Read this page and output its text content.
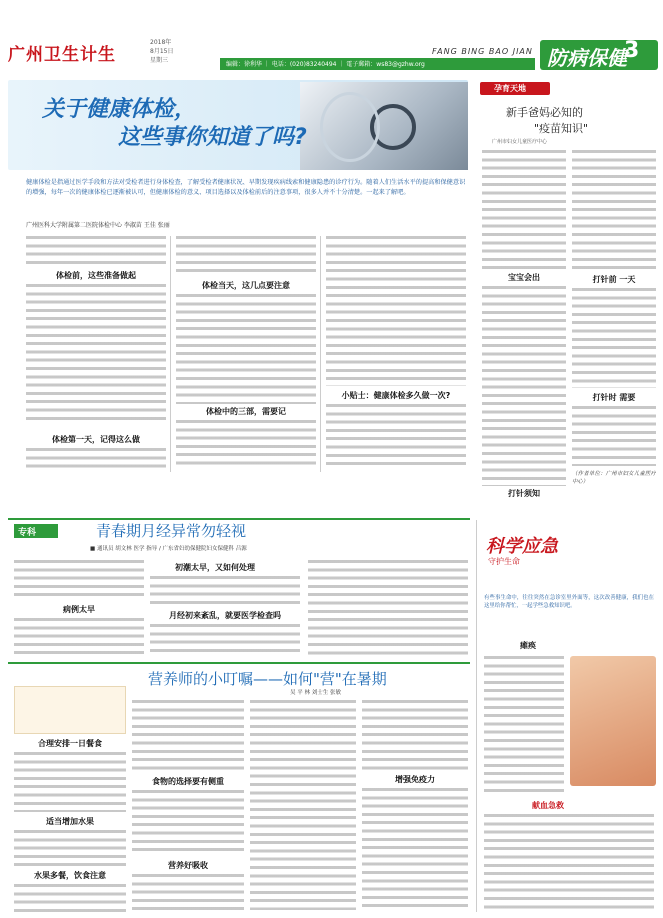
广州卫生计生
2018年
8月15日
星期三
FANG BING BAO JIAN 防病保健
3
编辑：徐利华 ｜ 电话：(020)83240494 ｜ 電子郵箱：ws83@gzhw.org
关于健康体检，
这些事你知道了吗?
健康体检是指通过医学手段和方法对受检者进行身体检查，了解受检者健康状况、早期发现疾病线索和健康隐患的诊疗行为。随着人们生活水平的提高和保健意识的增强，每年一次的健康体检已逐渐被认可，但健康体检的意义、项目选择以及体检前后的注意事项，很多人并不十分清楚。一起来了解吧。
广州医科大学附属第二医院体检中心 李淑苗 王佳 张丽
体检前，这些准备做起
体检第一天，记得这么做
体检当天，这几点要注意
体检中的三部，需要记
小贴士：健康体检多久做一次?
孕育天地
新手爸妈必知的
"疫苗知识"
广州市妇女儿童医疗中心
宝宝会出
打针须知
打针前 一天
打针时 需要
（作者单位：广州市妇女儿童医疗中心）
专科	青春期月经异常勿轻视
■ 通讯员 胡文林 医学 指导 / 广东省妇幼保健院妇女保健科 吕源
病例太早
初潮太早，又如何处理
月经初来紊乱，就要医学检查吗
营养师的小叮嘱——如何"营"在暑期
吴 平 林 刘士生 张敏
合理安排一日餐食
适当增加水果
水果多餐，饮食注意
食物的选择要有侧重
营养好吸收
增强免疫力
科学应急
守护生命
有些事生命中，往往突然在急诊室里外面等，这次改善健康，我们也在这里给你帮忙，一起学些急救知识吧。
瘫痪
献血急救
